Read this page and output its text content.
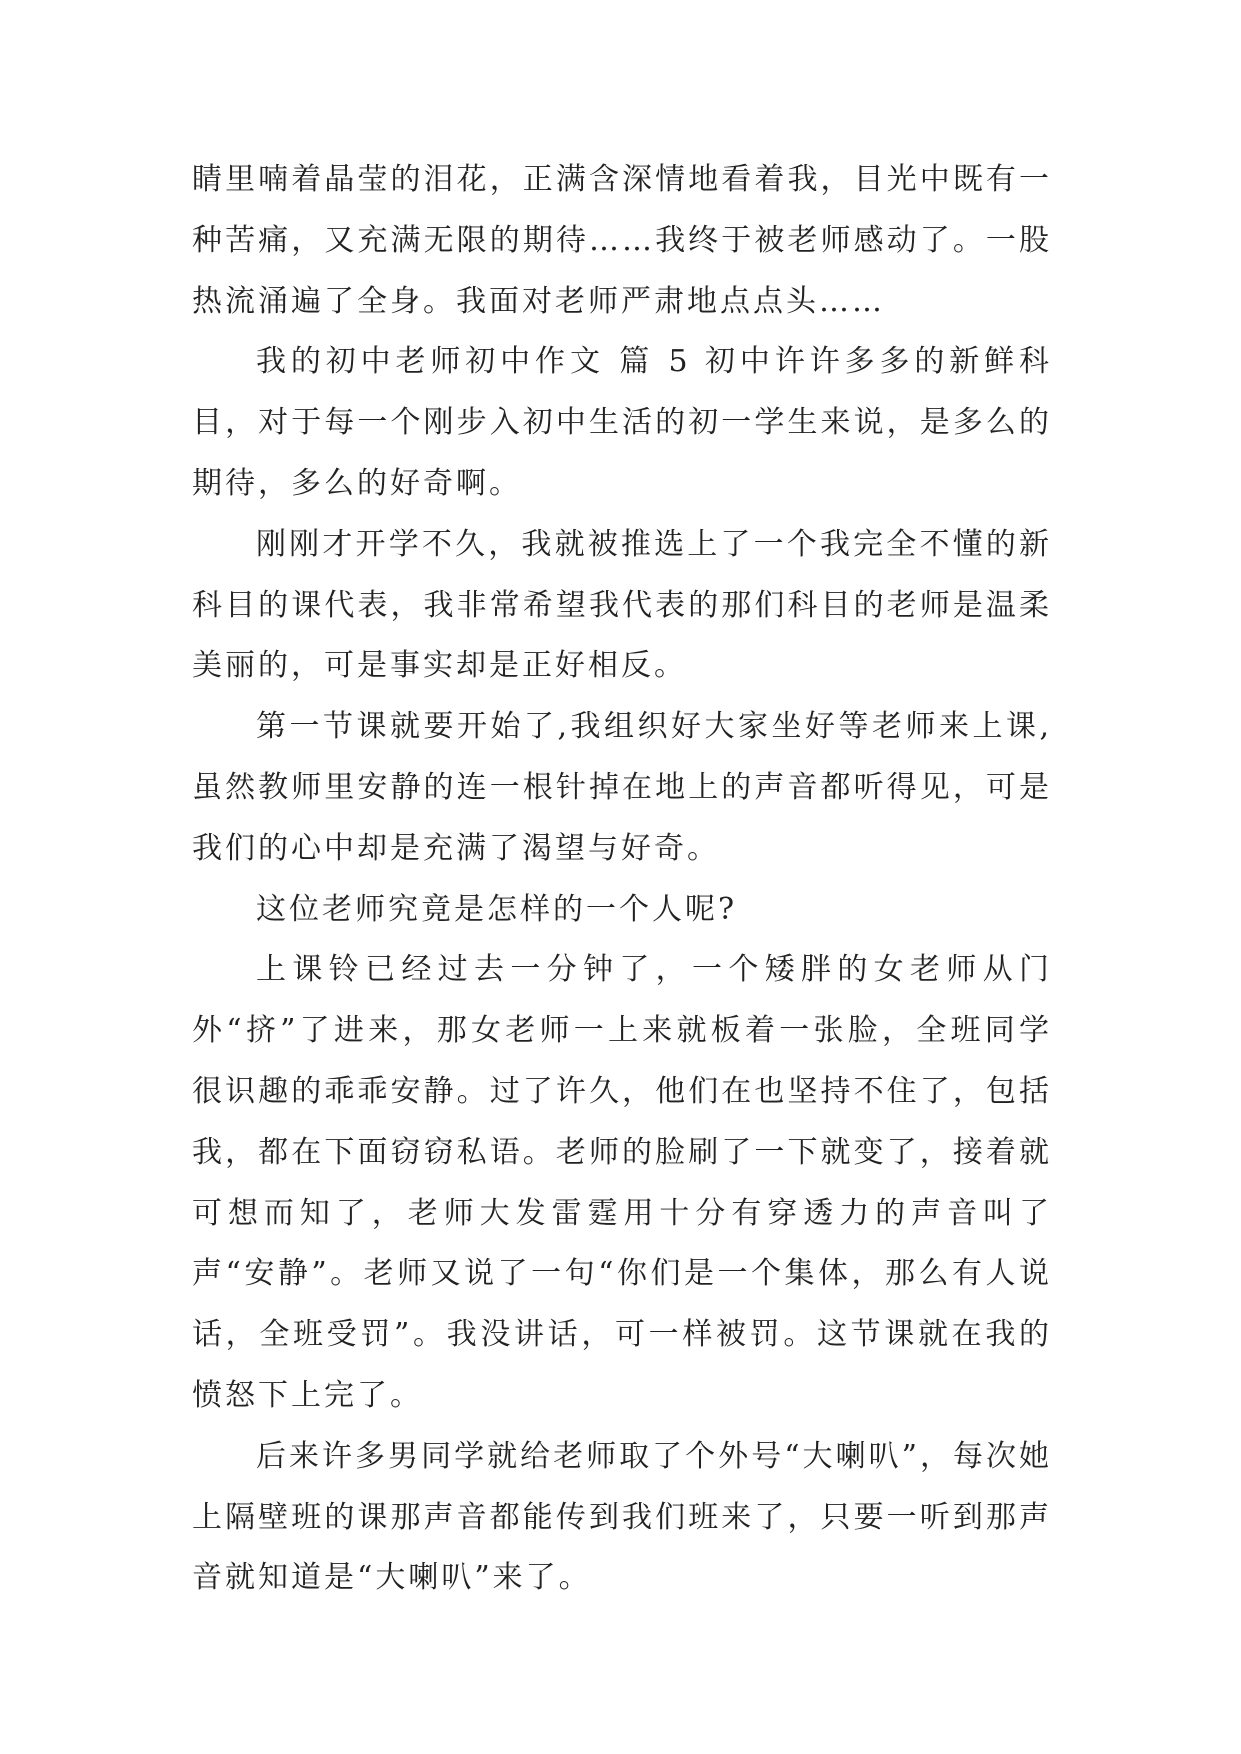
睛里喃着晶莹的泪花，正满含深情地看着我，目光中既有一种苦痛，又充满无限的期待……我终于被老师感动了。一股热流涌遍了全身。我面对老师严肃地点点头……

我的初中老师初中作文 篇 5 初中许许多多的新鲜科目，对于每一个刚步入初中生活的初一学生来说，是多么的期待，多么的好奇啊。

刚刚才开学不久，我就被推选上了一个我完全不懂的新科目的课代表，我非常希望我代表的那们科目的老师是温柔美丽的，可是事实却是正好相反。

第一节课就要开始了,我组织好大家坐好等老师来上课,虽然教师里安静的连一根针掉在地上的声音都听得见，可是我们的心中却是充满了渴望与好奇。

这位老师究竟是怎样的一个人呢?

上课铃已经过去一分钟了，一个矮胖的女老师从门外“挤”了进来，那女老师一上来就板着一张脸，全班同学很识趣的乖乖安静。过了许久，他们在也坚持不住了，包括我，都在下面窃窃私语。老师的脸刷了一下就变了，接着就可想而知了，老师大发雷霆用十分有穿透力的声音叫了声“安静”。老师又说了一句“你们是一个集体，那么有人说话，全班受罚”。我没讲话，可一样被罚。这节课就在我的愤怒下上完了。

后来许多男同学就给老师取了个外号“大喇叭”，每次她上隔壁班的课那声音都能传到我们班来了，只要一听到那声音就知道是“大喇叭”来了。
